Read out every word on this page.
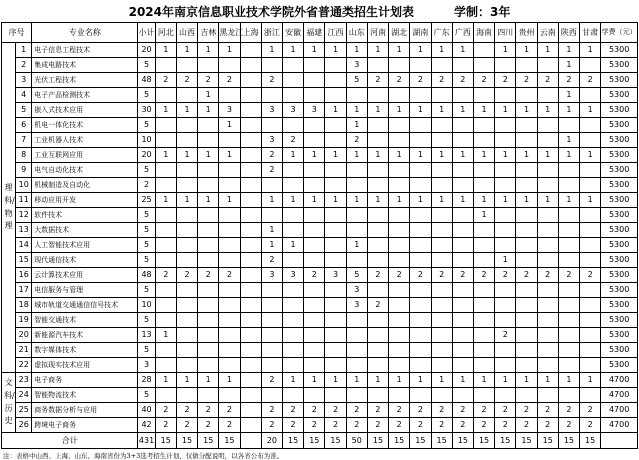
2024年南京信息职业技术学院外省普通类招生计划表	学制：3年
序号		专业名称	小计	河北	山西	吉林	黑龙江	上海	浙江	安徽	福建	江西	山东	河南	湖北	湖南	广东	广西	海南	四川	贵州	云南	陕西	甘肃	学费（元）
理科/物理	1	电子信息工程技术	20	1	1	1	1		1	1	1	1	1	1	1	1	1	1		1	1	1	1	1	5300
	2	集成电路技术	5										3										1		5300
	3	光伏工程技术	48	2	2	2	2		2				5	2	2	2	2	2	2	2	2	2	2	2	5300
	4	电子产品检测技术	5			1																	1		5300
	5	嵌入式技术应用	30	1	1	1	3		3	3	3	1	1	1	1	1	1	1	1	1	1	1	1	1	5300
	6	机电一体化技术	5				1						1												5300
	7	工业机器人技术	10						3	2			2										1		5300
	8	工业互联网应用	20	1	1	1	1		2	1	1	1	1	1	1	1	1	1	1	1	1	1	1	1	5300
	9	电气自动化技术	5						2																5300
	10	机械制造及自动化	2																						5300
	11	移动应用开发	25	1	1	1	1		1	1	1	1	1	1	1	1	1	1	1	1	1	1	1	1	5300
	12	软件技术	5																1						5300
	13	大数据技术	5						1																5300
	14	人工智能技术应用	5						1	1			1												5300
	15	现代通信技术	5						2											1					5300
	16	云计算技术应用	48	2	2	2	2		3	3	2	3	5	2	2	2	2	2	2	2	2	2	2	2	5300
	17	电信服务与管理	5										3												5300
	18	城市轨道交通通信信号技术	10										3	2											5300
	19	智能交通技术	5																						5300
	20	新能源汽车技术	13	1																2					5300
	21	数字媒体技术	5																						5300
	22	虚拟现实技术应用	3																						5300
文科/历史	23	电子商务	28	1	1	1	1		2	1	1	1	1	1	1	1	1	1	1	1	1	1	1	1	4700
	24	智能物流技术	5																						4700
	25	商务数据分析与应用	40	2	2	2	2		2	2	2	2	2	2	2	2	2	2	2	2	2	2	2	2	4700
	26	跨境电子商务	42	2	2	2	2		2	2	2	2	2	2	2	2	2	2	2	2	2	2	2	2	4700
合计			431	15	15	15	15		20	15	15	15	50	15	15	15	15	15	15	15	15	15	15	15	
注：表格中山西、上海、山东、海南省份为3+3选考招生计划，仅做分配说明，以各省公布为准。
